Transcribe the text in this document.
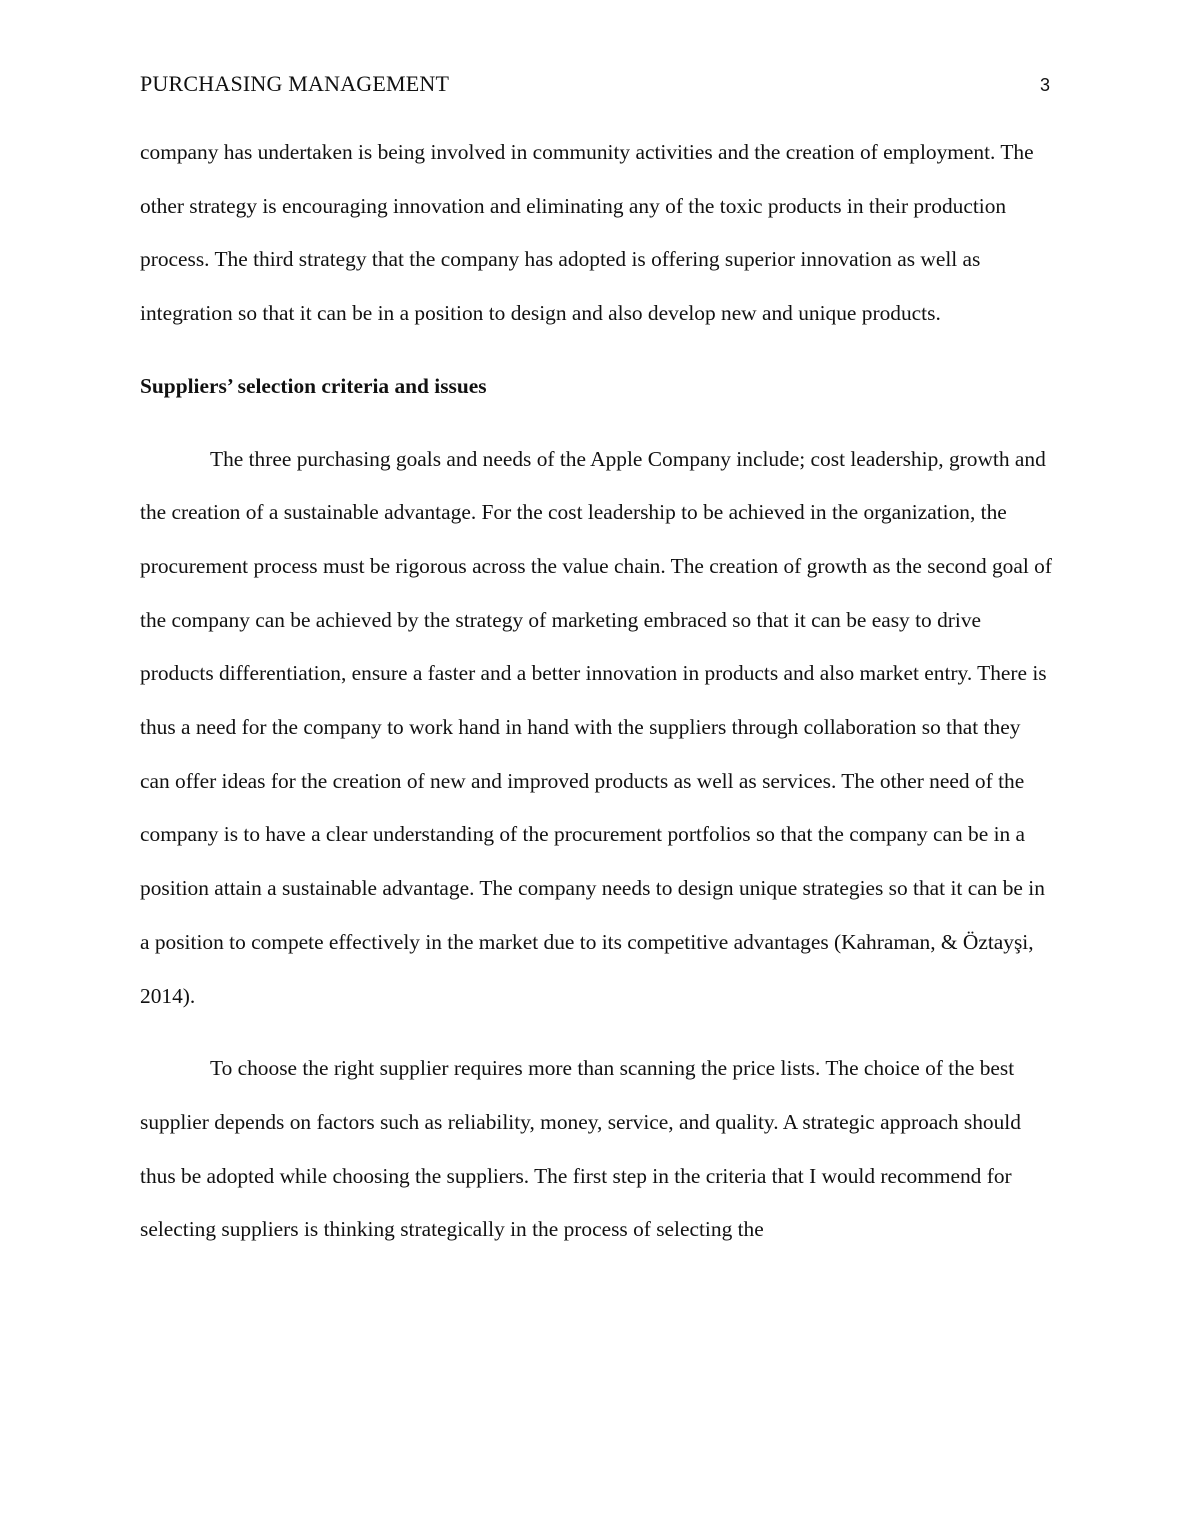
PURCHASING MANAGEMENT	3

company has undertaken is being involved in community activities and the creation of employment. The other strategy is encouraging innovation and eliminating any of the toxic products in their production process. The third strategy that the company has adopted is offering superior innovation as well as integration so that it can be in a position to design and also develop new and unique products.

Suppliers’ selection criteria and issues

The three purchasing goals and needs of the Apple Company include; cost leadership, growth and the creation of a sustainable advantage. For the cost leadership to be achieved in the organization, the procurement process must be rigorous across the value chain. The creation of growth as the second goal of the company can be achieved by the strategy of marketing embraced so that it can be easy to drive products differentiation, ensure a faster and a better innovation in products and also market entry. There is thus a need for the company to work hand in hand with the suppliers through collaboration so that they can offer ideas for the creation of new and improved products as well as services. The other need of the company is to have a clear understanding of the procurement portfolios so that the company can be in a position attain a sustainable advantage. The company needs to design unique strategies so that it can be in a position to compete effectively in the market due to its competitive advantages (Kahraman, & Öztayşi, 2014).

To choose the right supplier requires more than scanning the price lists. The choice of the best supplier depends on factors such as reliability, money, service, and quality. A strategic approach should thus be adopted while choosing the suppliers. The first step in the criteria that I would recommend for selecting suppliers is thinking strategically in the process of selecting the
